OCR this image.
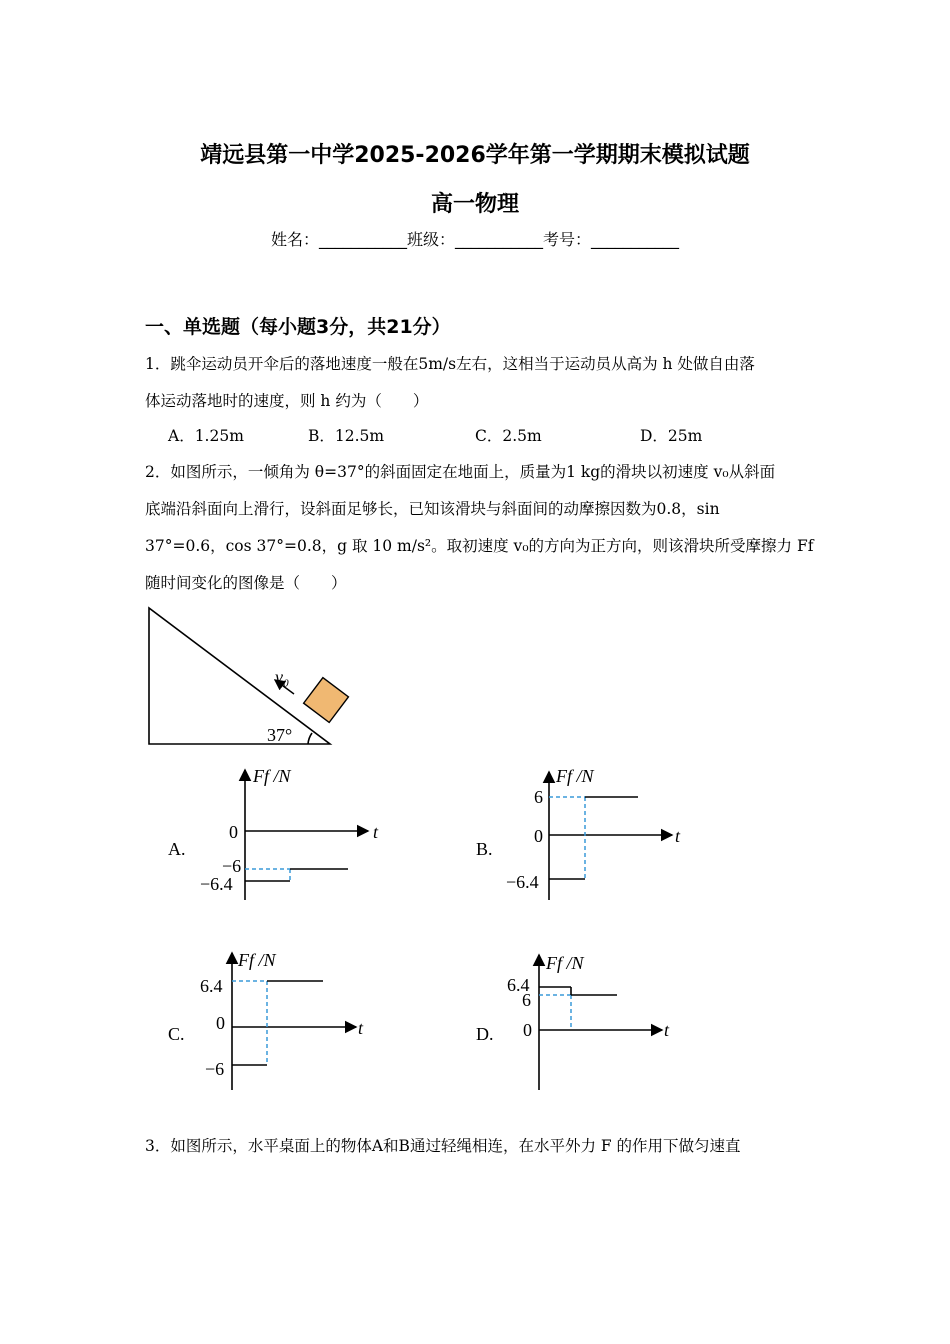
靖远县第一中学2025-2026学年第一学期期末模拟试题
高一物理
姓名：___________班级：___________考号：___________
一、单选题（每小题3分，共21分）
1．跳伞运动员开伞后的落地速度一般在5m/s左右，这相当于运动员从高为 h 处做自由落
体运动落地时的速度，则 h 约为（　　）
A．1.25m	B．12.5m	C．2.5m	D．25m
2．如图所示，一倾角为 θ=37°的斜面固定在地面上，质量为1 kg的滑块以初速度 v₀从斜面
底端沿斜面向上滑行，设斜面足够长，已知该滑块与斜面间的动摩擦因数为0.8，sin
37°=0.6，cos 37°=0.8，g 取 10 m/s²。取初速度 v₀的方向为正方向，则该滑块所受摩擦力 Ff
随时间变化的图像是（　　）
v₀
37°
A.
Ff /N
t
0
−6
−6.4
B.
Ff /N
t
0
6
−6.4
C.
Ff /N
t
0
6.4
−6
D.
Ff /N
t
0
6.4
6
3．如图所示，水平桌面上的物体A和B通过轻绳相连，在水平外力 F 的作用下做匀速直
